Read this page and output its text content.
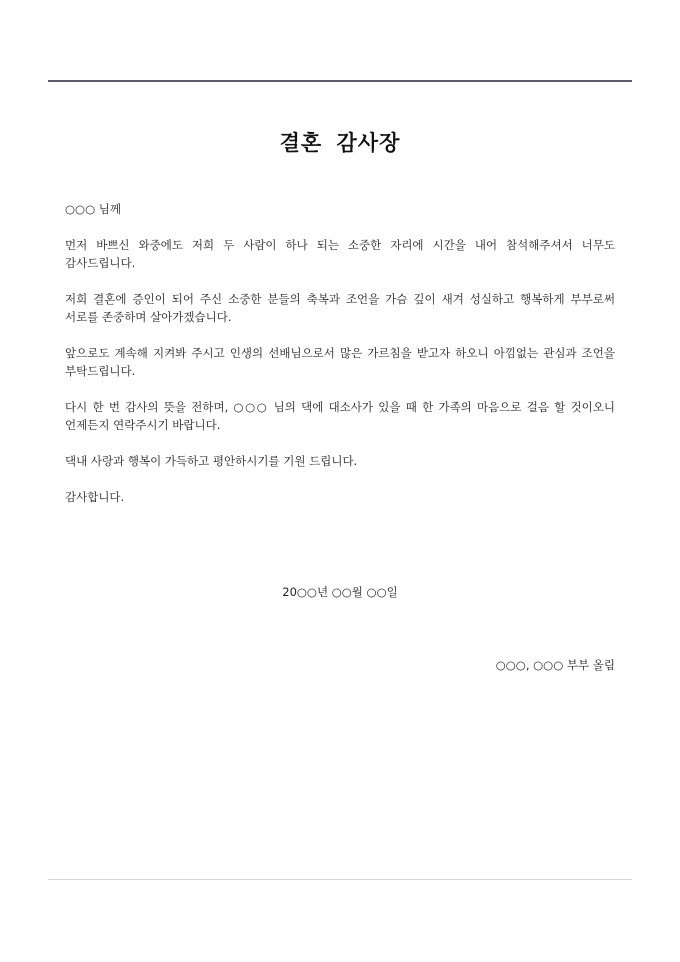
결혼 감사장

○○○ 님께

먼저 바쁘신 와중에도 저희 두 사람이 하나 되는 소중한 자리에 시간을 내어 참석해주셔서 너무도 감사드립니다.

저희 결혼에 증인이 되어 주신 소중한 분들의 축복과 조언을 가슴 깊이 새겨 성실하고 행복하게 부부로써 서로를 존중하며 살아가겠습니다.

앞으로도 계속해 지켜봐 주시고 인생의 선배님으로서 많은 가르침을 받고자 하오니 아낌없는 관심과 조언을 부탁드립니다.

다시 한 번 감사의 뜻을 전하며, ○○○ 님의 댁에 대소사가 있을 때 한 가족의 마음으로 걸음 할 것이오니 언제든지 연락주시기 바랍니다.

댁내 사랑과 행복이 가득하고 평안하시기를 기원 드립니다.

감사합니다.

20○○년 ○○월 ○○일
○○○, ○○○ 부부 올림
